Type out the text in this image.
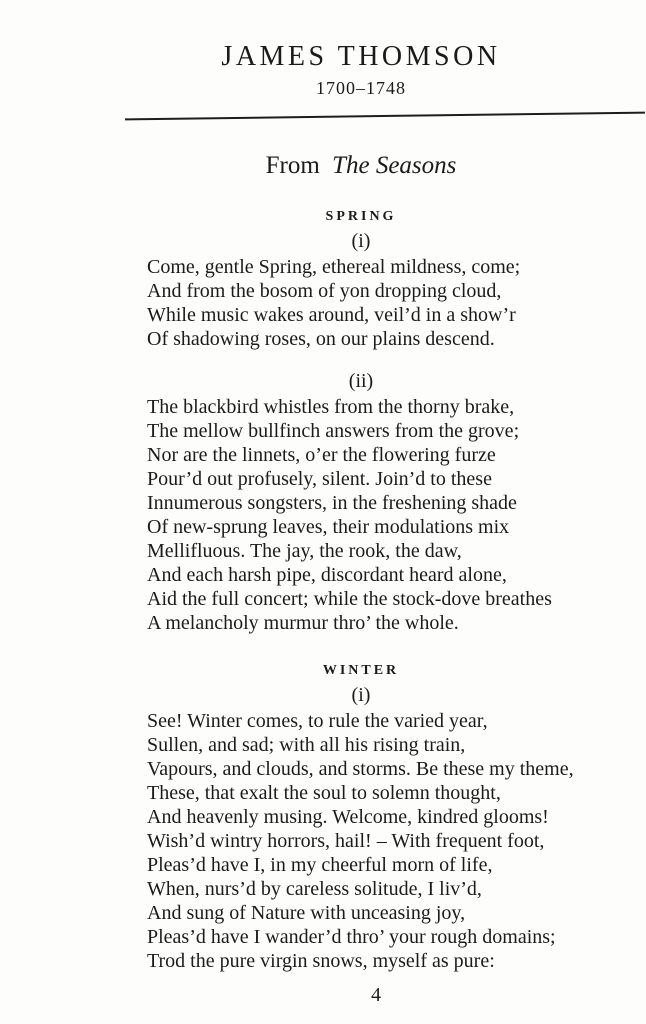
JAMES THOMSON
1700–1748
From The Seasons
SPRING
(i)
Come, gentle Spring, ethereal mildness, come;
And from the bosom of yon dropping cloud,
While music wakes around, veil’d in a show’r
Of shadowing roses, on our plains descend.
(ii)
The blackbird whistles from the thorny brake,
The mellow bullfinch answers from the grove;
Nor are the linnets, o’er the flowering furze
Pour’d out profusely, silent. Join’d to these
Innumerous songsters, in the freshening shade
Of new-sprung leaves, their modulations mix
Mellifluous. The jay, the rook, the daw,
And each harsh pipe, discordant heard alone,
Aid the full concert; while the stock-dove breathes
A melancholy murmur thro’ the whole.
WINTER
(i)
See! Winter comes, to rule the varied year,
Sullen, and sad; with all his rising train,
Vapours, and clouds, and storms. Be these my theme,
These, that exalt the soul to solemn thought,
And heavenly musing. Welcome, kindred glooms!
Wish’d wintry horrors, hail! – With frequent foot,
Pleas’d have I, in my cheerful morn of life,
When, nurs’d by careless solitude, I liv’d,
And sung of Nature with unceasing joy,
Pleas’d have I wander’d thro’ your rough domains;
Trod the pure virgin snows, myself as pure:
4
